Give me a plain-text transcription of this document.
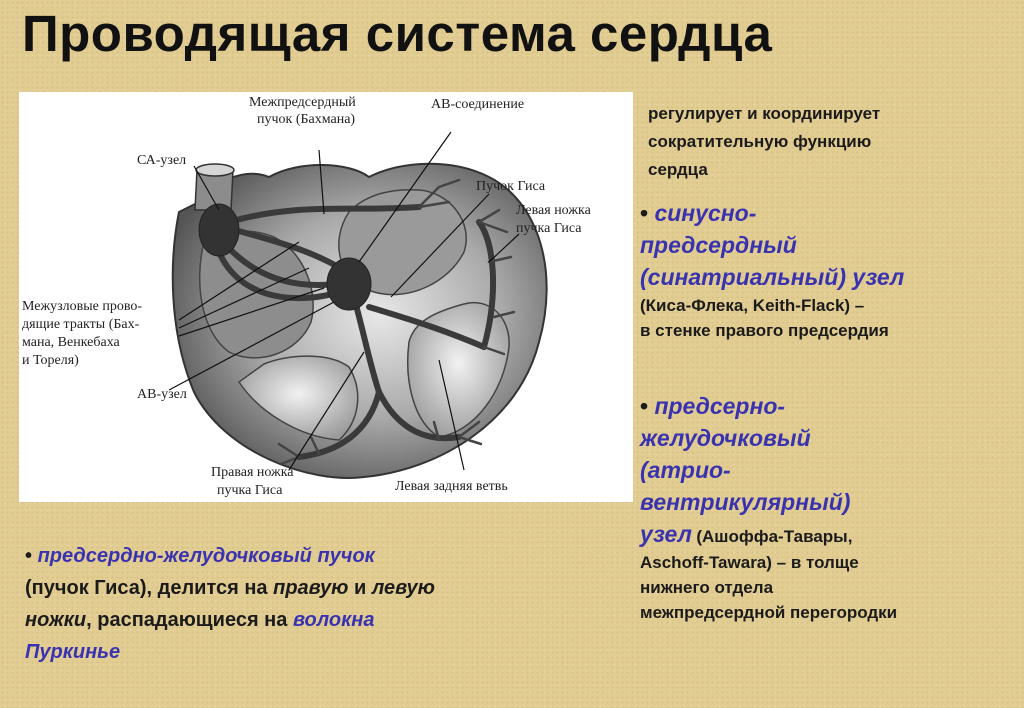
Проводящая система сердца
Межпредсердный
пучок (Бахмана)
АВ-соединение
СА-узел
Пучок Гиса
Левая ножка
пучка Гиса
Межузловые прово-
дящие тракты (Бах-
мана, Венкебаха
и Тореля)
АВ-узел
Правая ножка
пучка Гиса	Левая задняя ветвь
регулирует и координирует
сократительную функцию
сердца
• синусно-
предсердный
(синатриальный) узел
(Киса-Флека, Keith-Flack) –
в стенке правого предсердия
• предсерно-
желудочковый
(атрио-
вентрикулярный)
узел (Ашоффа-Тавары,
Aschoff-Tawara) – в толще
нижнего отдела
межпредсердной перегородки
• предсердно-желудочковый пучок
(пучок Гиса), делится на правую и левую
ножки, распадающиеся на волокна
Пуркинье
